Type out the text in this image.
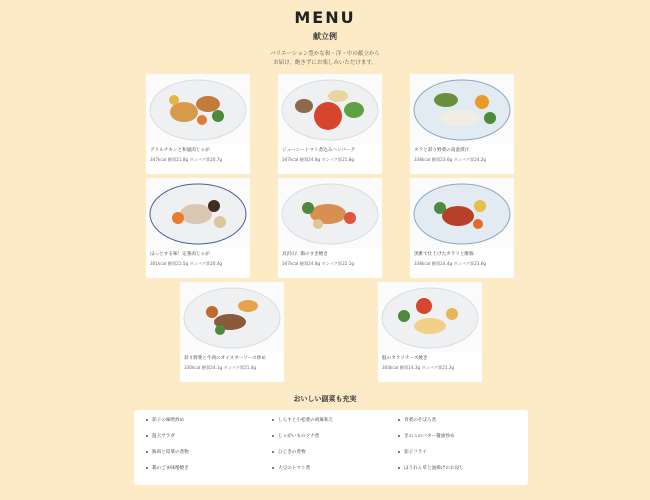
MENU
献立例
バリエーション豊かな和・洋・中の献立から
お届け。飽きずにお楽しみいただけます。
グリルチキンと和風肉じゃが
347kcal 糖質21.8g タンパク質20.7g
ジューシートマト煮込みハンバーグ
347kcal 糖質24.8g タンパク質21.8g
タラと彩り野菜の南蛮漬け
338kcal 糖質23.6g タンパク質24.2g
ほっとする味！定番肉じゃが
301kcal 糖質21.5g タンパク質20.4g
具沢山！鶏のすき焼き
347kcal 糖質24.8g タンパク質22.1g
黒酢で仕上げたカラリと酢豚
338kcal 糖質24.4g タンパク質23.6g
彩り野菜と牛肉のオイスターソース炒め
330kcal 糖質24.1g タンパク質21.4g
鮭のカラリチーズ焼き
304kcal 糖質14.3g タンパク質21.3g
おいしい副菜も充実
茄子の味噌炒め
温玉サラダ
豚肉と筍菜の煮物
鶏のごま味噌焼き
しらすと小松菜の胡麻和え
じゃがいものツナ煮
ひじきの煮物
大豆のトマト煮
青菜のそぼろ煮
きのこのバター醤油炒め
茄子フライ
ほうれん草と油揚げのお浸し
